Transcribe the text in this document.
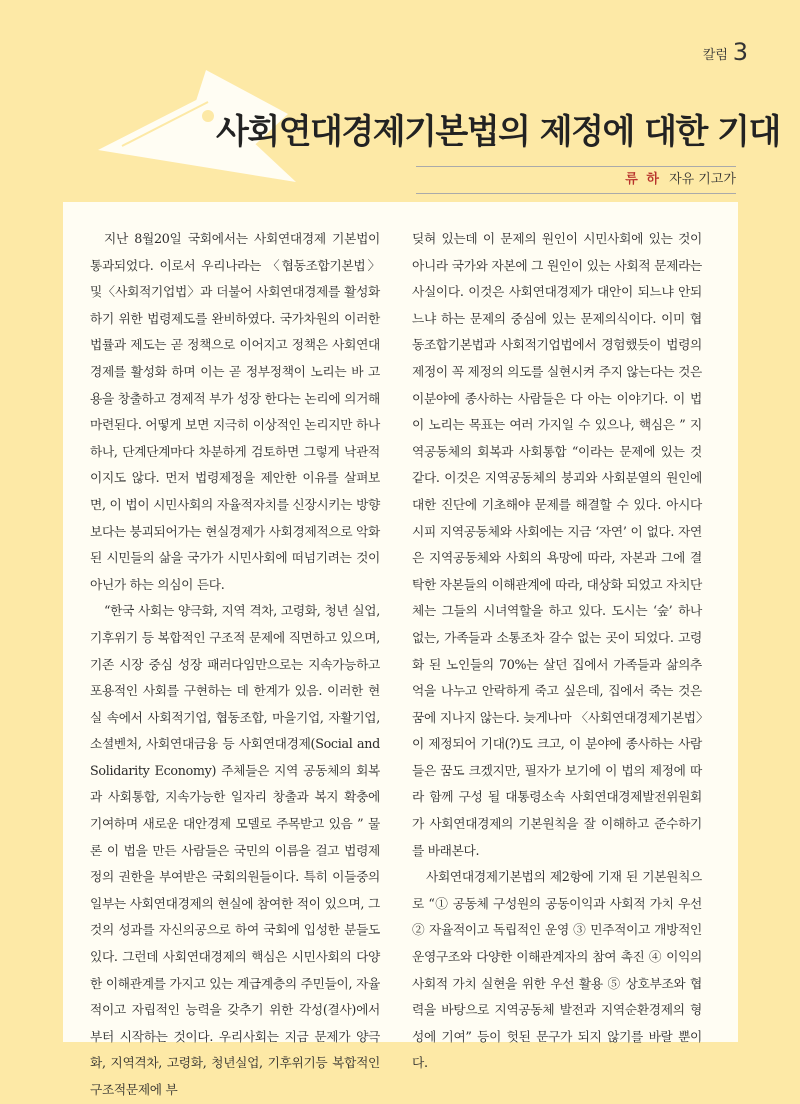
칼럼 3
사회연대경제기본법의 제정에 대한 기대
류 하 자유 기고가

지난 8월20일 국회에서는 사회연대경제 기본법이 통과되었다. 이로서 우리나라는 〈협동조합기본법〉 및〈사회적기업법〉과 더불어 사회연대경제를 활성화 하기 위한 법령제도를 완비하였다. 국가차원의 이러한 법률과 제도는 곧 정책으로 이어지고 정책은 사회연대경제를 활성화 하며 이는 곧 정부정책이 노리는 바 고용을 창출하고 경제적 부가 성장 한다는 논리에 의거해 마련된다. 어떻게 보면 지극히 이상적인 논리지만 하나하나, 단계단계마다 차분하게 검토하면 그렇게 낙관적이지도 않다. 먼저 법령제정을 제안한 이유를 살펴보면, 이 법이 시민사회의 자율적자치를 신장시키는 방향 보다는 붕괴되어가는 현실경제가 사회경제적으로 악화된 시민들의 삶을 국가가 시민사회에 떠넘기려는 것이 아닌가 하는 의심이 든다.

“한국 사회는 양극화, 지역 격차, 고령화, 청년 실업, 기후위기 등 복합적인 구조적 문제에 직면하고 있으며, 기존 시장 중심 성장 패러다임만으로는 지속가능하고 포용적인 사회를 구현하는 데 한계가 있음. 이러한 현실 속에서 사회적기업, 협동조합, 마을기업, 자활기업, 소셜벤처, 사회연대금융 등 사회연대경제(Social and Solidarity Economy) 주체들은 지역 공동체의 회복과 사회통합, 지속가능한 일자리 창출과 복지 확충에 기여하며 새로운 대안경제 모델로 주목받고 있음 ” 물론 이 법을 만든 사람들은 국민의 이름을 걸고 법령제정의 권한을 부여받은 국회의원들이다. 특히 이들중의 일부는 사회연대경제의 현실에 참여한 적이 있으며, 그것의 성과를 자신의공으로 하여 국회에 입성한 분들도 있다. 그런데 사회연대경제의 핵심은 시민사회의 다양한 이해관계를 가지고 있는 계급계층의 주민들이, 자율적이고 자립적인 능력을 갖추기 위한 각성(결사)에서부터 시작하는 것이다. 우리사회는 지금 문제가 양극화, 지역격차, 고령화, 청년실업, 기후위기등 복합적인 구조적문제에 부

딪혀 있는데 이 문제의 원인이 시민사회에 있는 것이 아니라 국가와 자본에 그 원인이 있는 사회적 문제라는 사실이다. 이것은 사회연대경제가 대안이 되느냐 안되느냐 하는 문제의 중심에 있는 문제의식이다. 이미 협동조합기본법과 사회적기업법에서 경험했듯이 법령의 제정이 꼭 제정의 의도를 실현시켜 주지 않는다는 것은 이분야에 종사하는 사람들은 다 아는 이야기다. 이 법이 노리는 목표는 여러 가지일 수 있으나, 핵심은 ” 지역공동체의 회복과 사회통합 “이라는 문제에 있는 것 같다. 이것은 지역공동체의 붕괴와 사회분열의 원인에 대한 진단에 기초해야 문제를 해결할 수 있다. 아시다시피 지역공동체와 사회에는 지금 ‘자연’ 이 없다. 자연은 지역공동체와 사회의 욕망에 따라, 자본과 그에 결탁한 자본들의 이해관계에 따라, 대상화 되었고 자치단체는 그들의 시녀역할을 하고 있다. 도시는 ‘숲’ 하나 없는, 가족들과 소통조차 갈수 없는 곳이 되었다. 고령화 된 노인들의 70%는 살던 집에서 가족들과 삶의추억을 나누고 안락하게 죽고 싶은데, 집에서 죽는 것은 꿈에 지나지 않는다. 늦게나마 〈사회연대경제기본법〉이 제정되어 기대(?)도 크고, 이 분야에 종사하는 사람들은 꿈도 크겠지만, 필자가 보기에 이 법의 제정에 따라 함께 구성 될 대통령소속 사회연대경제발전위원회가 사회연대경제의 기본원칙을 잘 이해하고 준수하기를 바래본다.

사회연대경제기본법의 제2항에 기재 된 기본원칙으로 “① 공동체 구성원의 공동이익과 사회적 가치 우선 ② 자율적이고 독립적인 운영 ③ 민주적이고 개방적인 운영구조와 다양한 이해관계자의 참여 촉진 ④ 이익의 사회적 가치 실현을 위한 우선 활용 ⑤ 상호부조와 협력을 바탕으로 지역공동체 발전과 지역순환경제의 형성에 기여” 등이 헛된 문구가 되지 않기를 바랄 뿐이다.
